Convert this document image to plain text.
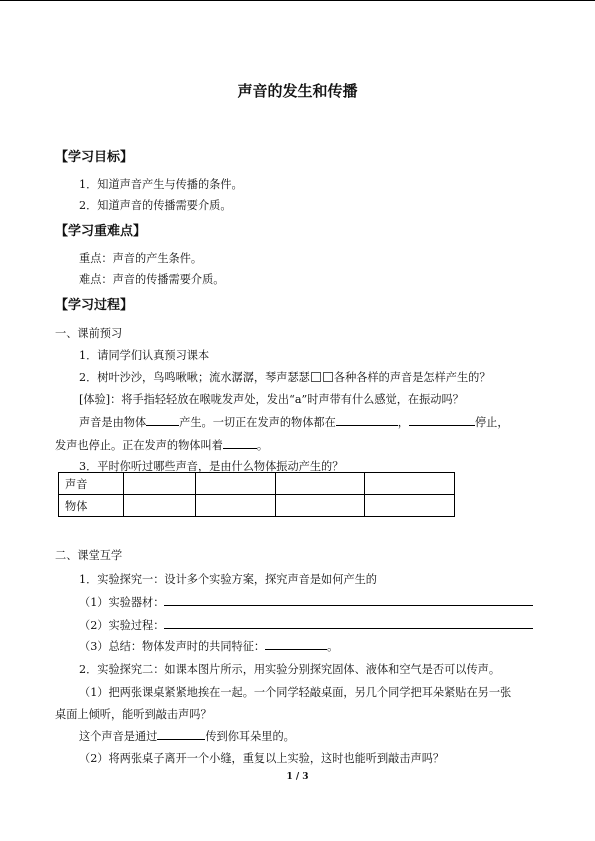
声音的发生和传播
【学习目标】
1．知道声音产生与传播的条件。
2．知道声音的传播需要介质。
【学习重难点】
重点：声音的产生条件。
难点：声音的传播需要介质。
【学习过程】
一、课前预习
1．请同学们认真预习课本
2．树叶沙沙，鸟鸣啾啾；流水潺潺，琴声瑟瑟 各种各样的声音是怎样产生的？
[体验]：将手指轻轻放在喉咙发声处，发出“a”时声带有什么感觉，在振动吗？
声音是由物体	产生。一切正在发声的物体都在	，	停止，
发声也停止。正在发声的物体叫着	。
3．平时你听过哪些声音，是由什么物体振动产生的？
声音				
物体				
二、课堂互学
1．实验探究一：设计多个实验方案，探究声音是如何产生的
（1）实验器材：
（2）实验过程：
（3）总结：物体发声时的共同特征：	。
2．实验探究二：如课本图片所示，用实验分别探究固体、液体和空气是否可以传声。
（1）把两张课桌紧紧地挨在一起。一个同学轻敲桌面，另几个同学把耳朵紧贴在另一张
桌面上倾听，能听到敲击声吗？
这个声音是通过	传到你耳朵里的。
（2）将两张桌子离开一个小缝，重复以上实验，这时也能听到敲击声吗？
1 / 3
